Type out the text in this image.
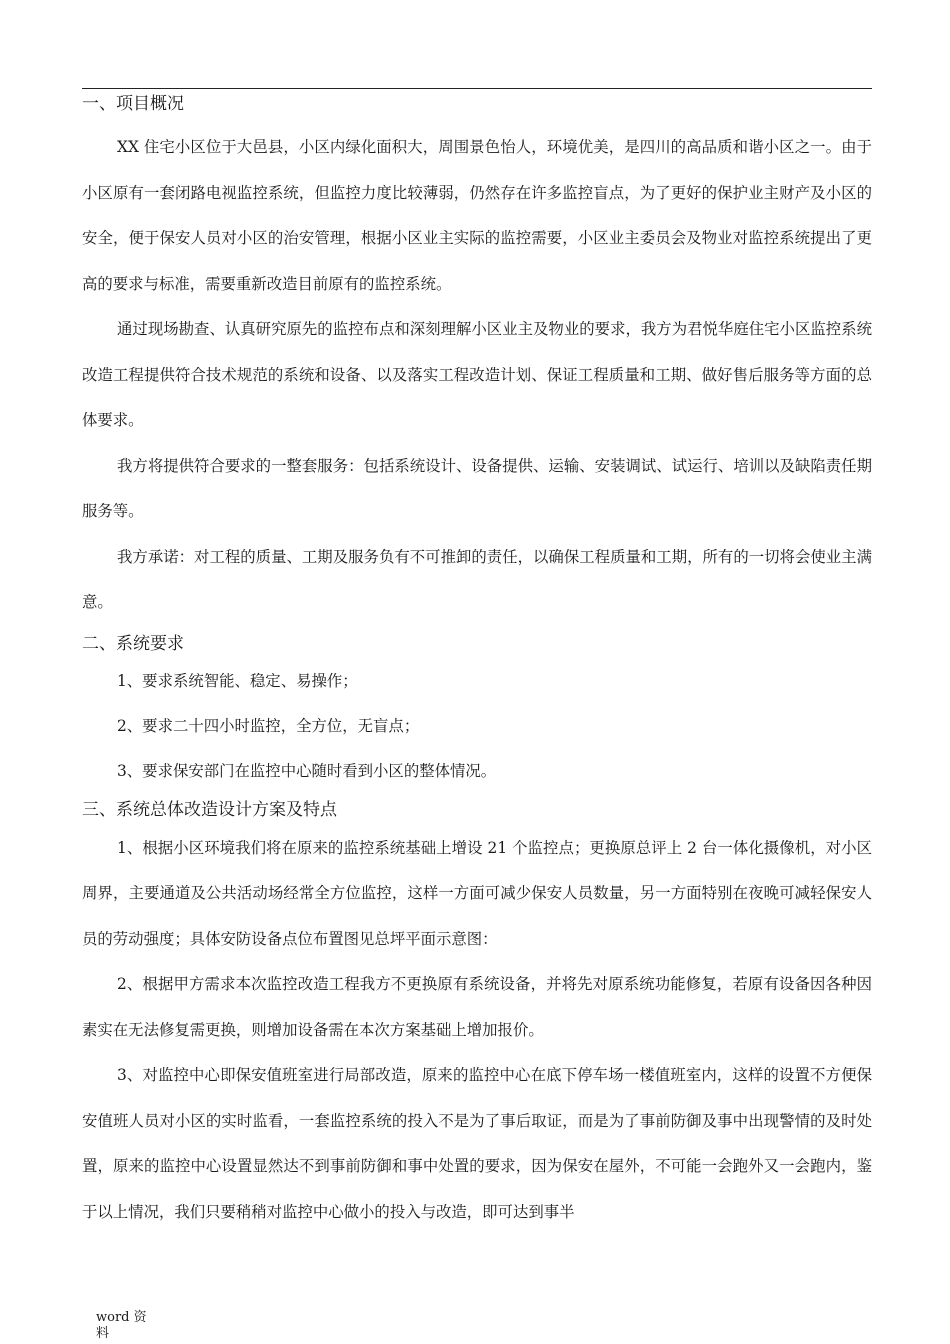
一、项目概况

XX 住宅小区位于大邑县，小区内绿化面积大，周围景色怡人，环境优美，是四川的高品质和谐小区之一。由于小区原有一套闭路电视监控系统，但监控力度比较薄弱，仍然存在许多监控盲点，为了更好的保护业主财产及小区的安全，便于保安人员对小区的治安管理，根据小区业主实际的监控需要，小区业主委员会及物业对监控系统提出了更高的要求与标准，需要重新改造目前原有的监控系统。

通过现场勘查、认真研究原先的监控布点和深刻理解小区业主及物业的要求，我方为君悦华庭住宅小区监控系统改造工程提供符合技术规范的系统和设备、以及落实工程改造计划、保证工程质量和工期、做好售后服务等方面的总体要求。

我方将提供符合要求的一整套服务：包括系统设计、设备提供、运输、安装调试、试运行、培训以及缺陷责任期服务等。

我方承诺：对工程的质量、工期及服务负有不可推卸的责任，以确保工程质量和工期，所有的一切将会使业主满意。

二、系统要求

1、要求系统智能、稳定、易操作；

2、要求二十四小时监控，全方位，无盲点；

3、要求保安部门在监控中心随时看到小区的整体情况。

三、系统总体改造设计方案及特点

1、根据小区环境我们将在原来的监控系统基础上增设 21 个监控点；更换原总评上 2 台一体化摄像机，对小区周界，主要通道及公共活动场经常全方位监控，这样一方面可减少保安人员数量，另一方面特别在夜晚可减轻保安人员的劳动强度；具体安防设备点位布置图见总坪平面示意图：

2、根据甲方需求本次监控改造工程我方不更换原有系统设备，并将先对原系统功能修复，若原有设备因各种因素实在无法修复需更换，则增加设备需在本次方案基础上增加报价。

3、对监控中心即保安值班室进行局部改造，原来的监控中心在底下停车场一楼值班室内，这样的设置不方便保安值班人员对小区的实时监看，一套监控系统的投入不是为了事后取证，而是为了事前防御及事中出现警情的及时处置，原来的监控中心设置显然达不到事前防御和事中处置的要求，因为保安在屋外，不可能一会跑外又一会跑内，鉴于以上情况，我们只要稍稍对监控中心做小的投入与改造，即可达到事半

word 资料
